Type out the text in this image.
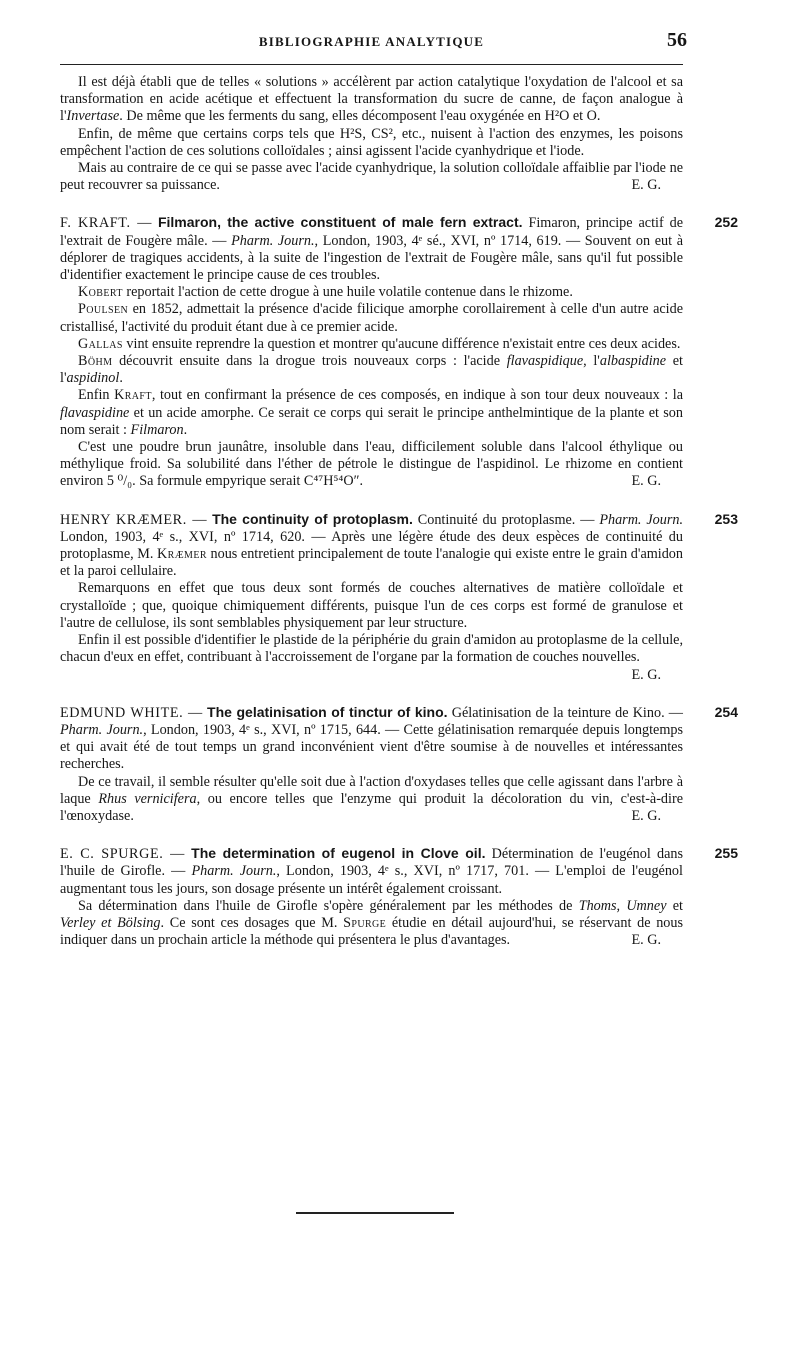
BIBLIOGRAPHIE ANALYTIQUE	56

Il est déjà établi que de telles « solutions » accélèrent par action catalytique l'oxydation de l'alcool et sa transformation en acide acétique et effectuent la transformation du sucre de canne, de façon analogue à l'Invertase. De même que les ferments du sang, elles décomposent l'eau oxygénée en H²O et O.

Enfin, de même que certains corps tels que H²S, CS², etc., nuisent à l'action des enzymes, les poisons empêchent l'action de ces solutions colloïdales ; ainsi agissent l'acide cyanhydrique et l'iode.

Mais au contraire de ce qui se passe avec l'acide cyanhydrique, la solution colloïdale affaiblie par l'iode ne peut recouvrer sa puissance.	E. G.

252
F. KRAFT. — Filmaron, the active constituent of male fern extract. Fimaron, principe actif de l'extrait de Fougère mâle. — Pharm. Journ., London, 1903, 4ᵉ sé., XVI, nº 1714, 619. — Souvent on eut à déplorer de tragiques accidents, à la suite de l'ingestion de l'extrait de Fougère mâle, sans qu'il fut possible d'identifier exactement le principe cause de ces troubles.

Kobert reportait l'action de cette drogue à une huile volatile contenue dans le rhizome.

Poulsen en 1852, admettait la présence d'acide filicique amorphe corollairement à celle d'un autre acide cristallisé, l'activité du produit étant due à ce premier acide.

Gallas vint ensuite reprendre la question et montrer qu'aucune différence n'existait entre ces deux acides.

Böhm découvrit ensuite dans la drogue trois nouveaux corps : l'acide flavaspidique, l'albaspidine et l'aspidinol.

Enfin Kraft, tout en confirmant la présence de ces composés, en indique à son tour deux nouveaux : la flavaspidine et un acide amorphe. Ce serait ce corps qui serait le principe anthelmintique de la plante et son nom serait : Filmaron.

C'est une poudre brun jaunâtre, insoluble dans l'eau, difficilement soluble dans l'alcool éthylique ou méthylique froid. Sa solubilité dans l'éther de pétrole le distingue de l'aspidinol. Le rhizome en contient environ 5 ⁰/₀. Sa formule empyrique serait C⁴⁷H⁵⁴O″.	E. G.

253
HENRY KRÆMER. — The continuity of protoplasm. Continuité du protoplasme. — Pharm. Journ. London, 1903, 4ᵉ s., XVI, nº 1714, 620. — Après une légère étude des deux espèces de continuité du protoplasme, M. Kræmer nous entretient principalement de toute l'analogie qui existe entre le grain d'amidon et la paroi cellulaire.

Remarquons en effet que tous deux sont formés de couches alternatives de matière colloïdale et crystalloïde ; que, quoique chimiquement différents, puisque l'un de ces corps est formé de granulose et l'autre de cellulose, ils sont semblables physiquement par leur structure.

Enfin il est possible d'identifier le plastide de la périphérie du grain d'amidon au protoplasme de la cellule, chacun d'eux en effet, contribuant à l'accroissement de l'organe par la formation de couches nouvelles.

E. G.

254
EDMUND WHITE. — The gelatinisation of tinctur of kino. Gélatinisation de la teinture de Kino. — Pharm. Journ., London, 1903, 4ᵉ s., XVI, nº 1715, 644. — Cette gélatinisation remarquée depuis longtemps et qui avait été de tout temps un grand inconvénient vient d'être soumise à de nouvelles et intéressantes recherches.

De ce travail, il semble résulter qu'elle soit due à l'action d'oxydases telles que celle agissant dans l'arbre à laque Rhus vernicifera, ou encore telles que l'enzyme qui produit la décoloration du vin, c'est-à-dire l'œnoxydase.	E. G.

255
E. C. SPURGE. — The determination of eugenol in Clove oil. Détermination de l'eugénol dans l'huile de Girofle. — Pharm. Journ., London, 1903, 4ᵉ s., XVI, nº 1717, 701. — L'emploi de l'eugénol augmentant tous les jours, son dosage présente un intérêt également croissant.

Sa détermination dans l'huile de Girofle s'opère généralement par les méthodes de Thoms, Umney et Verley et Bölsing. Ce sont ces dosages que M. Spurge étudie en détail aujourd'hui, se réservant de nous indiquer dans un prochain article la méthode qui présentera le plus d'avantages.	E. G.
